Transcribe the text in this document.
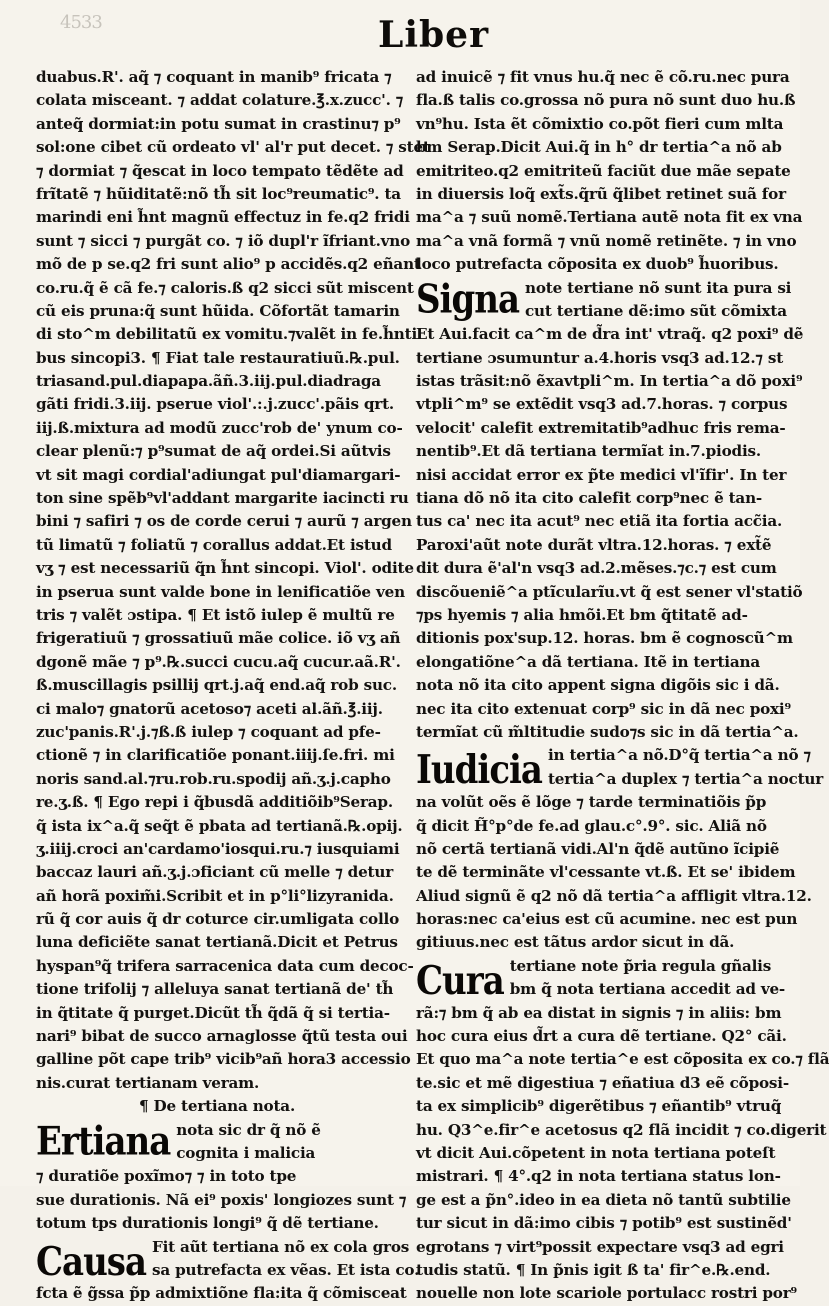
4533	Liber
duabus.R'. aq̃ ⁊ coquant in manib⁹ fricata ⁊
colata misceant. ⁊ addat colature.℥.x.zucc'. ⁊
anteq̃ dormiat:in potu sumat in crastinu⁊ p⁹
sol:one cibet cũ ordeato vl' al'r put decet. ⁊ stet
⁊ dormiat ⁊ q̃escat in loco tempato tẽdẽte ad
frĩtatẽ ⁊ hũiditatẽ:nõ th̃ sit loc⁹reumatic⁹. ta
marindi eni h̃nt magnũ effectuz in fe.q2 fridi
sunt ⁊ sicci ⁊ purgãt co. ⁊ iõ dupl'r ĩfriant.vno
mõ de p se.q2 fri sunt alio⁹ p accidẽs.q2 eñant
co.ru.q̃ ẽ cã fe.⁊ caloris.ß q2 sicci sũt miscent
cũ eis pruna:q̃ sunt hũida. Cõfortãt tamarin
di sto^m debilitatũ ex vomitu.⁊valẽt in fe.h̃nti
bus sincopi3. ¶ Fiat tale restauratiuũ.℞.pul.
triasand.pul.diapapa.ãñ.3.iij.pul.diadraga
gãti fridi.3.iij. pserue viol'.:.j.zucc'.pãis qrt.
iij.ß.mixtura ad modũ zucc'rob de' ynum co-
clear plenũ:⁊ p⁹sumat de aq̃ ordei.Si aũtvis
vt sit magi cordial'adiungat pul'diamargari-
ton sine spẽb⁹vl'addant margarite iacincti ru
bini ⁊ safiri ⁊ os de corde cerui ⁊ aurũ ⁊ argen
tũ limatũ ⁊ foliatũ ⁊ corallus addat.Et istud
vʒ ⁊ est necessariũ q̃n h̃nt sincopi. Viol'. odite
in pserua sunt valde bone in lenificatiõe ven
tris ⁊ valẽt ɔstipa. ¶ Et istõ iulep ẽ multũ re
frigeratiuũ ⁊ grossatiuũ mãe colice. iõ vʒ añ
dgonẽ mãe ⁊ p⁹.℞.succi cucu.aq̃ cucur.aã.R'.
ß.muscillagis psillij qrt.j.aq̃ end.aq̃ rob suc.
ci malo⁊ gnatorũ acetoso⁊ aceti al.ãñ.℥.iij.
zuc'panis.R'.j.⁊ß.ß iulep ⁊ coquant ad pfe-
ctionẽ ⁊ in clarificatiõe ponant.iiij.ſe.fri. mi
noris sand.al.⁊ru.rob.ru.spodij añ.ʒ.j.capho
re.ʒ.ß. ¶ Ego repi i q̃busdã additiõib⁹Serap.
q̃ ista ix^a.q̃ seq̃t ẽ pbata ad tertianã.℞.opij.
ʒ.iiij.croci an'cardamo'iosqui.ru.⁊ iusquiami
baccaz lauri añ.ʒ.j.ɔficiant cũ melle ⁊ detur
añ horã poxim̃i.Scribit et in p°li°lizyranida.
rũ q̃ cor auis q̃ dr coturce cir.umligata collo
luna deficiẽte sanat tertianã.Dicit et Petrus
hyspan⁹q̃ trifera sarracenica data cum decoc-
tione trifolij ⁊ alleluya sanat tertianã de' th̃
in q̃titate q̃ purget.Dicũt th̃ q̃dã q̃ si tertia-
nari⁹ bibat de succo arnaglosse q̃tũ testa oui
galline põt cape trib⁹ vicib⁹añ hora3 accessio
nis.curat tertianam veram.
¶ De tertiana nota.
Ertiana nota sic dr q̃ nõ ẽ
cognita i malicia
⁊ duratiõe poxĩmo⁊ ⁊ in toto tpe
sue durationis. Nã ei⁹ poxis' longiozes sunt ⁊
totum tps durationis longi⁹ q̃ dẽ tertiane.
Causa Fit aũt tertiana nõ ex cola gros
sa putrefacta ex vẽas. Et ista co.
fcta ẽ g̃ssa p̃p admixtiõne fla:ita q̃ cõmisceat
ad inuicẽ ⁊ fit vnus hu.q̃ nec ẽ cõ.ru.nec pura
fla.ß talis co.grossa nõ pura nõ sunt duo hu.ß
vn⁹hu. Ista ẽt cõmixtio co.põt fieri cum mlta
bm Serap.Dicit Aui.q̃ in h° dr tertia^a nõ ab
emitriteo.q2 emitriteũ faciũt due mãe sepate
in diuersis loq̃ ext̃s.q̃rũ q̃libet retinet suã for
ma^a ⁊ suũ nomẽ.Tertiana autẽ nota fit ex vna
ma^a vnã formã ⁊ vnũ nomẽ retinẽte. ⁊ in vno
loco putrefacta cõposita ex duob⁹ h̃uoribus.
Signa note tertiane nõ sunt ita pura si
cut tertiane dẽ:imo sũt cõmixta
Et Aui.facit ca^m de d̃ra int' vtraq̃. q2 poxi⁹ dẽ
tertiane ɔsumuntur a.4.horis vsq3 ad.12.⁊ st
istas trãsit:nõ ẽxavtpli^m. In tertia^a dõ poxi⁹
vtpli^m⁹ se extẽdit vsq3 ad.7.horas. ⁊ corpus
velocit' calefit extremitatib⁹adhuc fris rema-
nentib⁹.Et dã tertiana termĩat in.7.piodis.
nisi accidat error ex p̃te medici vl'ĩfir'. In ter
tiana dõ nõ ita cito calefit corp⁹nec ẽ tan-
tus ca' nec ita acut⁹ nec etiã ita fortia acc̃ia.
Paroxi'aũt note durãt vltra.12.horas. ⁊ ext̃ẽ
dit dura ẽ'al'n vsq3 ad.2.mẽses.⁊c.⁊ est cum
discõueniẽ^a ptĩcularĩu.vt q̃ est sener vl'statiõ
⁊ps hyemis ⁊ alia hmõi.Et bm q̃titatẽ ad-
ditionis pox'sup.12. horas. bm ẽ cognoscũ^m
elongatiõne^a dã tertiana. Itẽ in tertiana
nota nõ ita cito appent signa digõis sic i dã.
nec ita cito extenuat corp⁹ sic in dã nec poxi⁹
termĩat cũ m̃ltitudie sudo⁊s sic in dã tertia^a.
Iudicia in tertia^a nõ.D°q̃ tertia^a nõ ⁊
tertia^a duplex ⁊ tertia^a noctur
na volũt oẽs ẽ lõge ⁊ tarde terminatiõis p̃p
q̃ dicit H̃°p°de fe.ad glau.c°.9°. sic. Aliã nõ
nõ certã tertianã vidi.Al'n q̃dẽ autũno ĩcipiẽ
te dẽ terminãte vl'cessante vt.ß. Et se' ibidem
Aliud signũ ẽ q2 nõ dã tertia^a affligit vltra.12.
horas:nec ca'eius est cũ acumine. nec est pun
gitiuus.nec est tãtus ardor sicut in dã.
Cura tertiane note p̃ria regula gñalis
bm q̃ nota tertiana accedit ad ve-
rã:⁊ bm q̃ ab ea distat in signis ⁊ in aliis: bm
hoc cura eius d̃rt a cura dẽ tertiane. Q2° cãi.
Et quo ma^a note tertia^e est cõposita ex co.⁊ flã
te.sic et mẽ digestiua ⁊ eñatiua d3 eẽ cõposi-
ta ex simplicib⁹ digerẽtibus ⁊ eñantib⁹ vtruq̃
hu. Q3^e.fir^e acetosus q2 flã incidit ⁊ co.digerit
vt dicit Aui.cõpetent in nota tertiana poteſt
mistrari. ¶ 4°.q2 in nota tertiana status lon-
ge est a p̃n°.ideo in ea dieta nõ tantũ subtilie
tur sicut in dã:imo cibis ⁊ potib⁹ est sustinẽd'
egrotans ⁊ virt⁹possit expectare vsq3 ad egri
tudis statũ. ¶ In p̃nis igit ß ta' fir^e.℞.end.
nouelle non lote scariole portulacc rostri por⁹
